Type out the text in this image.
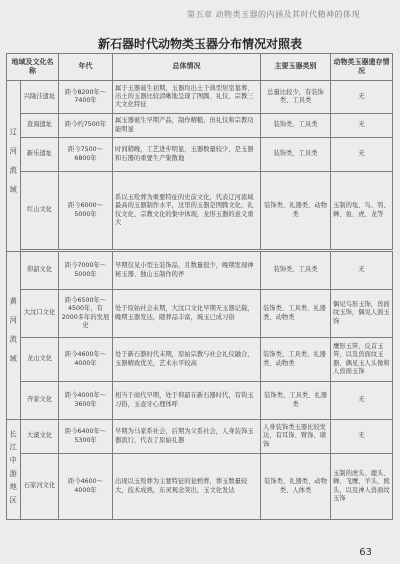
第五章 动物类玉器的内涵及其时代精神的体现
新石器时代动物类玉器分布情况对照表
地域及文化名称		年代	总体情况	主要玉器类别	动物类玉器遗存情况
辽河流域	兴隆洼遗址	距今8200年～7400年	属于玉器诞生初期，玉器均出土于典型居室墓葬，出土的玉器比较清晰地呈现了图腾、礼仪、宗教三大文化特征	总量比较少，有装饰类、工具类	无
	查海遗址	距今约7500年	属玉器诞生早期产品，制作精糙，但礼仪和宗教功能明显	装饰类、工具类	无
	新乐遗址	距今7500～6800年	时间稍晚，工艺进步明显，玉器数量较少，是玉器和石器的重要生产集散地	装饰类、工具类	无
	红山文化	距今6000～5000年	系以玉殓葬为重要特征的史前文化，代表辽河流域最高的玉器制作水平，这里的玉器是图腾文化、礼仪文化、宗教文化的集中体现，龙形玉器的意义重大	装饰类、礼器类、动物类	玉制的龟、鸟、鸮、蝉、鱼、虎、龙等

黄河流域	仰韶文化	距今7000年～5000年	早期仅见小型玉装饰品，且数量很少，晚期发现神秘玉器、独山玉制作的斧	装饰类、工具类	无
	大汶口文化	距今6500年～4500年，有2000多年的发展史	处于原始社会末期，大汶口文化早期无玉器记载，晚期玉器发达，随葬品丰富，琬玉已成习俗	装饰类、工具类、礼器类、动物类	偶见鸟形玉饰，兽面纹玉饰，偶见人面玉饰
	龙山文化	距今4600年～4000年	处于新石器时代末期，原始宗教与社会礼仪融合，玉器精致优美，艺术水平较高	装饰类、工具类、礼器类、动物类	鹰形玉笄、反首玉笄，以及兽面纹玉器，偶见玉人头像和人兽面玉饰
	齐家文化	距今4000年～3600年	相当于商代早期，处于仰韶在新石器时代，有钩玉习俗，玉壶牙心理体呼	装饰类、工具类、礼器类	无
长江中游地区	大溪文化	距今6400年～5300年	早期为马家系社会，后期为父系社会，人身装饰玉器流行，代表了原始礼器	人身装饰类玉器比较发达，有耳饰、臂饰、璜饰	无
	石家河文化	距今4600～4000年	出现以玉殓葬为主要特征的瓮棺葬，葬玉数量较大，技术成熟，东灵观念突出，玉文化发达	装饰类、礼器类、动物类、人体类	玉制的虎头、鹿头、蝉、飞鹰、羊头、熊头，以及神人兽面纹玉饰
63
